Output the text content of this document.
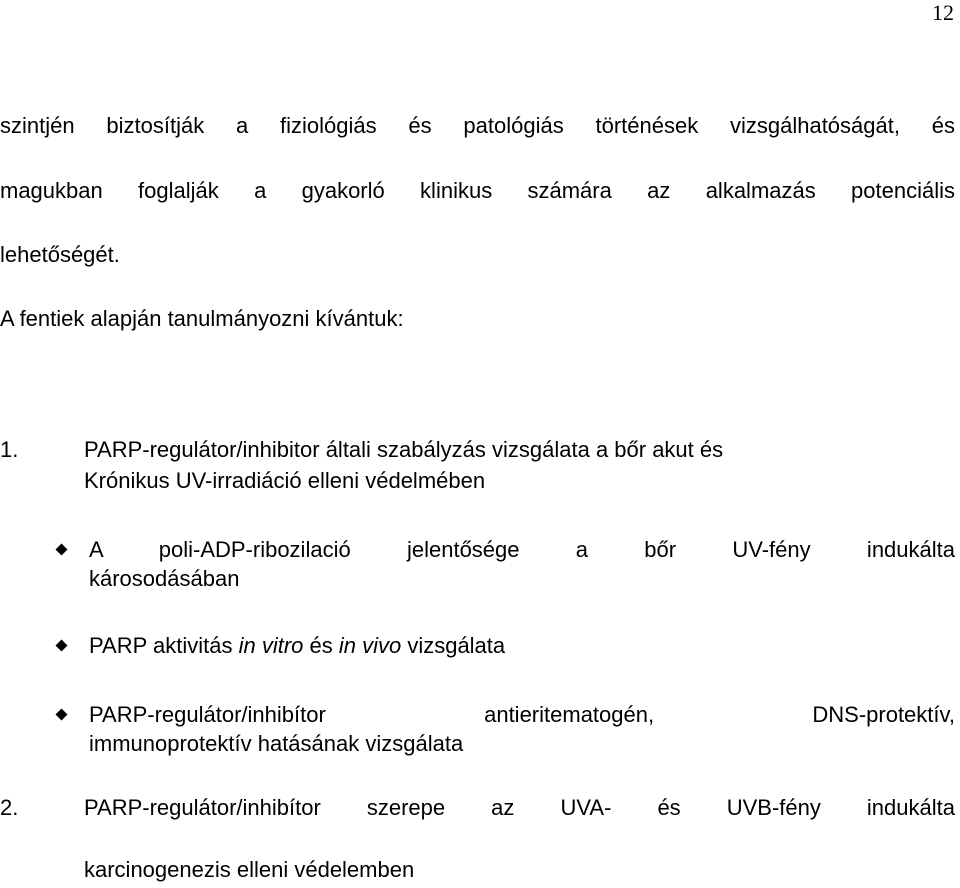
12
szintjén biztosítják a fiziológiás és patológiás történések vizsgálhatóságát, és
magukban foglalják a gyakorló klinikus számára az alkalmazás potenciális
lehetőségét.
A fentiek alapján tanulmányozni kívántuk:
1.	PARP-regulátor/inhibitor általi szabályzás vizsgálata a bőr akut és
Krónikus UV-irradiáció elleni védelmében
A poli-ADP-ribozilació jelentősége a bőr UV-fény indukálta
károsodásában
PARP aktivitás in vitro és in vivo vizsgálata
PARP-regulátor/inhibítor antieritematogén, DNS-protektív,
immunoprotektív hatásának vizsgálata
2.	PARP-regulátor/inhibítor szerepe az UVA- és UVB-fény indukálta
karcinogenezis elleni védelemben
